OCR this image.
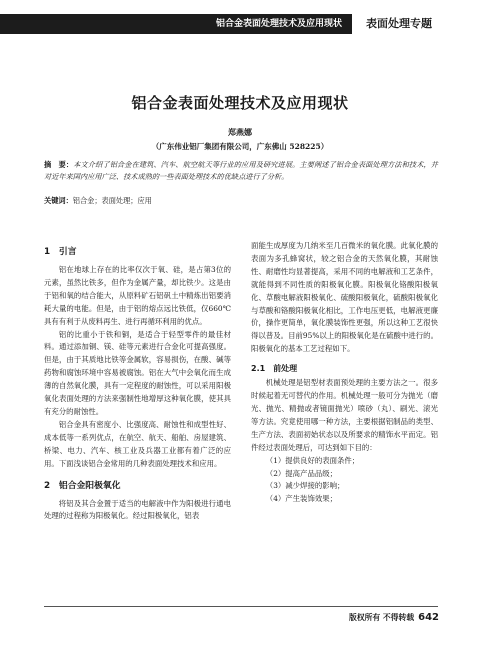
铝合金表面处理技术及应用现状	表面处理专题
铝合金表面处理技术及应用现状
郑燕娜
（广东伟业铝厂集团有限公司，广东佛山 528225）
摘　要：本文介绍了铝合金在建筑、汽车、航空航天等行业的应用及研究进展。主要阐述了铝合金表面处理方法和技术，并对近年来国内应用广泛、技术成熟的一些表面处理技术的优缺点进行了分析。
关键词：铝合金；表面处理；应用
1　引言

铝在地球上存在的比率仅次于氧、硅，是占第3位的元素，虽然比铁多，但作为金属产量，却比铁少。这是由于铝和氧的结合能大，从原料矿石铝矾土中精炼出铝要消耗大量的电能。但是，由于铝的熔点远比铁低，仅660℃具有有利于从废料再生、进行再循环利用的优点。

铝的比重小于铁和铜，是适合于轻型零件的最佳材料。通过添加铜、镁、硅等元素进行合金化可提高强度。但是，由于其质地比铁等金属软，容易损伤，在酸、碱等药物和腐蚀环境中容易被腐蚀。铝在大气中会氧化而生成薄的自然氧化膜，具有一定程度的耐蚀性，可以采用阳极氧化表面处理的方法来强制性地增厚这种氧化膜，使其具有充分的耐蚀性。

铝合金具有密度小、比强度高、耐蚀性和成型性好、成本低等一系列优点，在航空、航天、船舶、房屋建筑、桥梁、电力、汽车、核工业及兵器工业都有着广泛的应用。下面浅谈铝合金常用的几种表面处理技术和应用。

2　铝合金阳极氧化

将铝及其合金置于适当的电解液中作为阳极进行通电处理的过程称为阳极氧化。经过阳极氧化，铝表

面能生成厚度为几纳米至几百微米的氧化膜。此氧化膜的表面为多孔蜂窝状，较之铝合金的天然氧化膜，其耐蚀性、耐磨性均显著提高，采用不同的电解液和工艺条件，就能得到不同性质的阳极氧化膜。阳极氧化铬酸阳极氧化、草酸电解液阳极氧化、硫酸阳极氧化，硫酸阳极氧化与草酸和铬酸阳极氧化相比，工作电压更低，电解液更廉价，操作更简单，氧化膜装饰性更强，所以这种工艺很快得以普及。目前95%以上的阳极氧化是在硫酸中进行的。阳极氧化的基本工艺过程如下。

2.1　前处理

机械处理是铝型材表面预处理的主要方法之一。很多时候起着无可替代的作用。机械处理一般可分为抛光（磨光、抛光、精抛或者镜面抛光）喷砂（丸）、刷光、滚光等方法。究竟使用哪一种方法，主要根据铝制品的类型、生产方法、表面初始状态以及所要求的精饰水平而定。铝件经过表面处理后，可达到如下目的：

（1）提供良好的表面条件；

（2）提高产品品级；

（3）减少焊接的影响；

（4）产生装饰效果；

版权所有 不得转载 642
